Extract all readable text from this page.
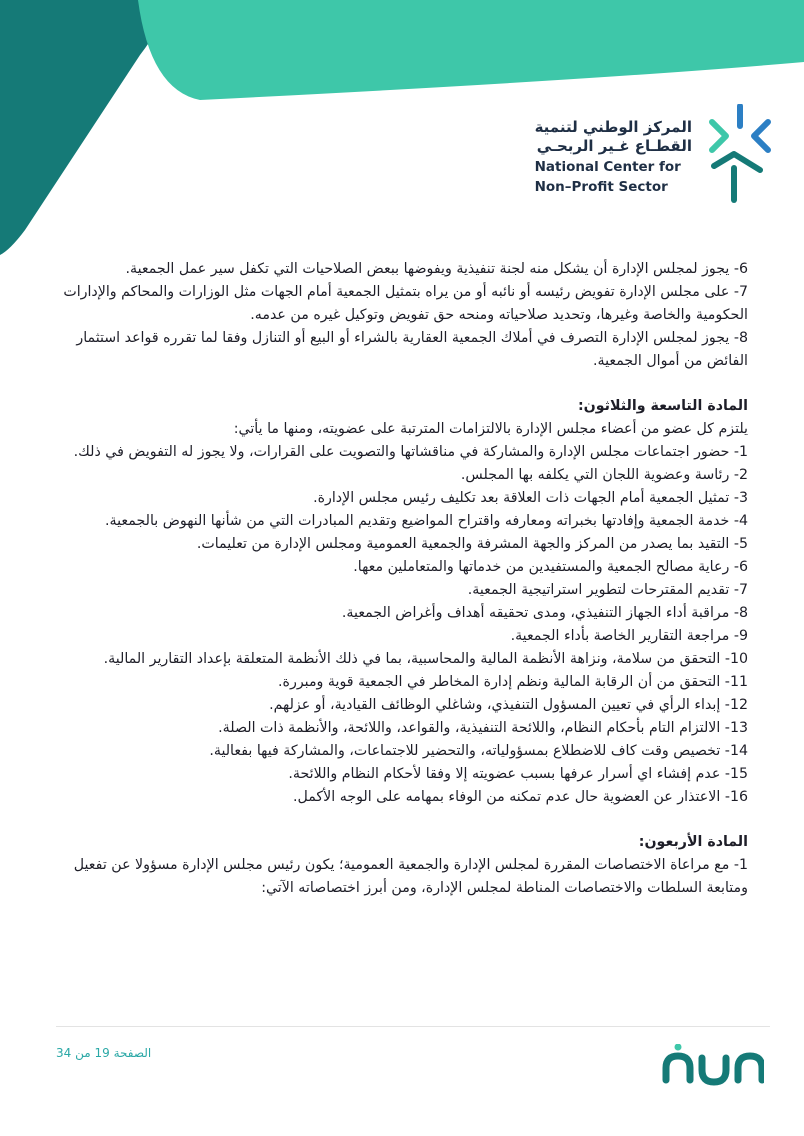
المركز الوطني لتنمية
القطـاع غـير الربحـي
National Center for
Non–Profit Sector

6- يجوز لمجلس الإدارة أن يشكل منه لجنة تنفيذية ويفوضها ببعض الصلاحيات التي تكفل سير عمل الجمعية.

7- على مجلس الإدارة تفويض رئيسه أو نائبه أو من يراه بتمثيل الجمعية أمام الجهات مثل الوزارات والمحاكم والإدارات الحكومية والخاصة وغيرها، وتحديد صلاحياته ومنحه حق تفويض وتوكيل غيره من عدمه.

8- يجوز لمجلس الإدارة التصرف في أملاك الجمعية العقارية بالشراء أو البيع أو التنازل وفقا لما تقرره قواعد استثمار الفائض من أموال الجمعية.

المادة التاسعة والثلاثون:

يلتزم كل عضو من أعضاء مجلس الإدارة بالالتزامات المترتبة على عضويته، ومنها ما يأتي:

1- حضور اجتماعات مجلس الإدارة والمشاركة في مناقشاتها والتصويت على القرارات، ولا يجوز له التفويض في ذلك.

2- رئاسة وعضوية اللجان التي يكلفه بها المجلس.

3- تمثيل الجمعية أمام الجهات ذات العلاقة بعد تكليف رئيس مجلس الإدارة.

4- خدمة الجمعية وإفادتها بخبراته ومعارفه واقتراح المواضيع وتقديم المبادرات التي من شأنها النهوض بالجمعية.

5- التقيد بما يصدر من المركز والجهة المشرفة والجمعية العمومية ومجلس الإدارة من تعليمات.

6- رعاية مصالح الجمعية والمستفيدين من خدماتها والمتعاملين معها.

7- تقديم المقترحات لتطوير استراتيجية الجمعية.

8- مراقبة أداء الجهاز التنفيذي، ومدى تحقيقه أهداف وأغراض الجمعية.

9- مراجعة التقارير الخاصة بأداء الجمعية.

10- التحقق من سلامة، ونزاهة الأنظمة المالية والمحاسبية، بما في ذلك الأنظمة المتعلقة بإعداد التقارير المالية.

11- التحقق من أن الرقابة المالية ونظم إدارة المخاطر في الجمعية قوية ومبررة.

12- إبداء الرأي في تعيين المسؤول التنفيذي، وشاغلي الوظائف القيادية، أو عزلهم.

13- الالتزام التام بأحكام النظام، واللائحة التنفيذية، والقواعد، واللائحة، والأنظمة ذات الصلة.

14- تخصيص وقت كاف للاضطلاع بمسؤولياته، والتحضير للاجتماعات، والمشاركة فيها بفعالية.

15- عدم إفشاء اي أسرار عرفها بسبب عضويته إلا وفقا لأحكام النظام واللائحة.

16- الاعتذار عن العضوية حال عدم تمكنه من الوفاء بمهامه على الوجه الأكمل.

المادة الأربعون:

1- مع مراعاة الاختصاصات المقررة لمجلس الإدارة والجمعية العمومية؛ يكون رئيس مجلس الإدارة مسؤولا عن تفعيل ومتابعة السلطات والاختصاصات المناطة لمجلس الإدارة، ومن أبرز اختصاصاته الآتي:

الصفحة 19 من 34
